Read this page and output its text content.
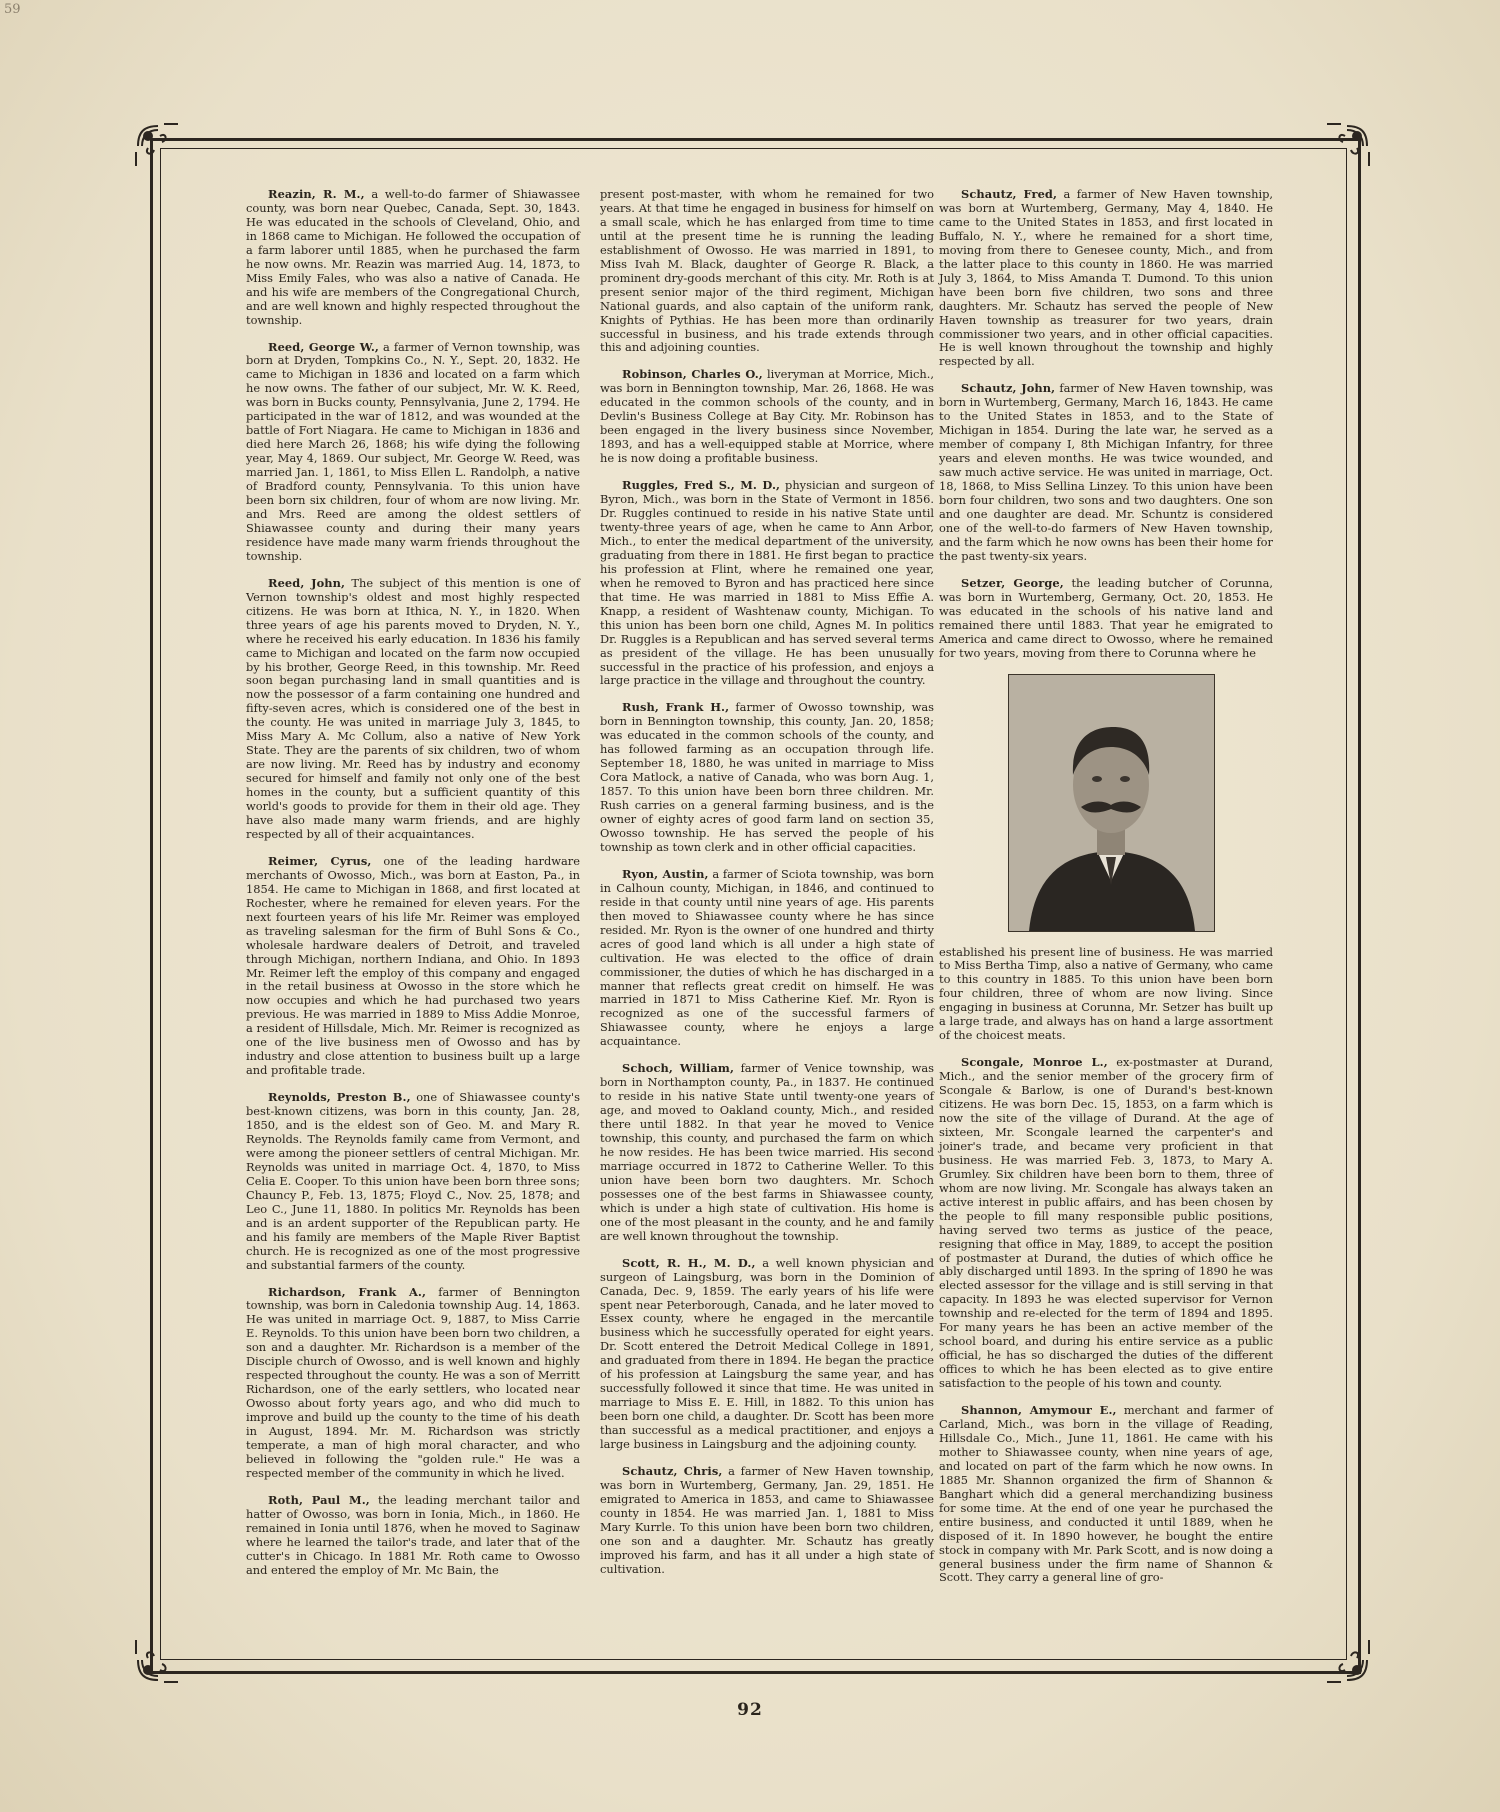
59

Reazin, R. M., a well-to-do farmer of Shiawassee county, was born near Quebec, Canada, Sept. 30, 1843. He was educated in the schools of Cleveland, Ohio, and in 1868 came to Michigan. He followed the occupation of a farm laborer until 1885, when he purchased the farm he now owns. Mr. Reazin was married Aug. 14, 1873, to Miss Emily Fales, who was also a native of Canada. He and his wife are members of the Congregational Church, and are well known and highly respected throughout the township.

Reed, George W., a farmer of Vernon township, was born at Dryden, Tompkins Co., N. Y., Sept. 20, 1832. He came to Michigan in 1836 and located on a farm which he now owns. The father of our subject, Mr. W. K. Reed, was born in Bucks county, Pennsylvania, June 2, 1794. He participated in the war of 1812, and was wounded at the battle of Fort Niagara. He came to Michigan in 1836 and died here March 26, 1868; his wife dying the following year, May 4, 1869. Our subject, Mr. George W. Reed, was married Jan. 1, 1861, to Miss Ellen L. Randolph, a native of Bradford county, Pennsylvania. To this union have been born six children, four of whom are now living. Mr. and Mrs. Reed are among the oldest settlers of Shiawassee county and during their many years residence have made many warm friends throughout the township.

Reed, John, The subject of this mention is one of Vernon township's oldest and most highly respected citizens. He was born at Ithica, N. Y., in 1820. When three years of age his parents moved to Dryden, N. Y., where he received his early education. In 1836 his family came to Michigan and located on the farm now occupied by his brother, George Reed, in this township. Mr. Reed soon began purchasing land in small quantities and is now the possessor of a farm containing one hundred and fifty-seven acres, which is considered one of the best in the county. He was united in marriage July 3, 1845, to Miss Mary A. Mc Collum, also a native of New York State. They are the parents of six children, two of whom are now living. Mr. Reed has by industry and economy secured for himself and family not only one of the best homes in the county, but a sufficient quantity of this world's goods to provide for them in their old age. They have also made many warm friends, and are highly respected by all of their acquaintances.

Reimer, Cyrus, one of the leading hardware merchants of Owosso, Mich., was born at Easton, Pa., in 1854. He came to Michigan in 1868, and first located at Rochester, where he remained for eleven years. For the next fourteen years of his life Mr. Reimer was employed as traveling salesman for the firm of Buhl Sons & Co., wholesale hardware dealers of Detroit, and traveled through Michigan, northern Indiana, and Ohio. In 1893 Mr. Reimer left the employ of this company and engaged in the retail business at Owosso in the store which he now occupies and which he had purchased two years previous. He was married in 1889 to Miss Addie Monroe, a resident of Hillsdale, Mich. Mr. Reimer is recognized as one of the live business men of Owosso and has by industry and close attention to business built up a large and profitable trade.

Reynolds, Preston B., one of Shiawassee county's best-known citizens, was born in this county, Jan. 28, 1850, and is the eldest son of Geo. M. and Mary R. Reynolds. The Reynolds family came from Vermont, and were among the pioneer settlers of central Michigan. Mr. Reynolds was united in marriage Oct. 4, 1870, to Miss Celia E. Cooper. To this union have been born three sons; Chauncy P., Feb. 13, 1875; Floyd C., Nov. 25, 1878; and Leo C., June 11, 1880. In politics Mr. Reynolds has been and is an ardent supporter of the Republican party. He and his family are members of the Maple River Baptist church. He is recognized as one of the most progressive and substantial farmers of the county.

Richardson, Frank A., farmer of Bennington township, was born in Caledonia township Aug. 14, 1863. He was united in marriage Oct. 9, 1887, to Miss Carrie E. Reynolds. To this union have been born two children, a son and a daughter. Mr. Richardson is a member of the Disciple church of Owosso, and is well known and highly respected throughout the county. He was a son of Merritt Richardson, one of the early settlers, who located near Owosso about forty years ago, and who did much to improve and build up the county to the time of his death in August, 1894. Mr. M. Richardson was strictly temperate, a man of high moral character, and who believed in following the "golden rule." He was a respected member of the community in which he lived.

Roth, Paul M., the leading merchant tailor and hatter of Owosso, was born in Ionia, Mich., in 1860. He remained in Ionia until 1876, when he moved to Saginaw where he learned the tailor's trade, and later that of the cutter's in Chicago. In 1881 Mr. Roth came to Owosso and entered the employ of Mr. Mc Bain, the

present post-master, with whom he remained for two years. At that time he engaged in business for himself on a small scale, which he has enlarged from time to time until at the present time he is running the leading establishment of Owosso. He was married in 1891, to Miss Ivah M. Black, daughter of George R. Black, a prominent dry-goods merchant of this city. Mr. Roth is at present senior major of the third regiment, Michigan National guards, and also captain of the uniform rank, Knights of Pythias. He has been more than ordinarily successful in business, and his trade extends through this and adjoining counties.

Robinson, Charles O., liveryman at Morrice, Mich., was born in Bennington township, Mar. 26, 1868. He was educated in the common schools of the county, and in Devlin's Business College at Bay City. Mr. Robinson has been engaged in the livery business since November, 1893, and has a well-equipped stable at Morrice, where he is now doing a profitable business.

Ruggles, Fred S., M. D., physician and surgeon of Byron, Mich., was born in the State of Vermont in 1856. Dr. Ruggles continued to reside in his native State until twenty-three years of age, when he came to Ann Arbor, Mich., to enter the medical department of the university, graduating from there in 1881. He first began to practice his profession at Flint, where he remained one year, when he removed to Byron and has practiced here since that time. He was married in 1881 to Miss Effie A. Knapp, a resident of Washtenaw county, Michigan. To this union has been born one child, Agnes M. In politics Dr. Ruggles is a Republican and has served several terms as president of the village. He has been unusually successful in the practice of his profession, and enjoys a large practice in the village and throughout the country.

Rush, Frank H., farmer of Owosso township, was born in Bennington township, this county, Jan. 20, 1858; was educated in the common schools of the county, and has followed farming as an occupation through life. September 18, 1880, he was united in marriage to Miss Cora Matlock, a native of Canada, who was born Aug. 1, 1857. To this union have been born three children. Mr. Rush carries on a general farming business, and is the owner of eighty acres of good farm land on section 35, Owosso township. He has served the people of his township as town clerk and in other official capacities.

Ryon, Austin, a farmer of Sciota township, was born in Calhoun county, Michigan, in 1846, and continued to reside in that county until nine years of age. His parents then moved to Shiawassee county where he has since resided. Mr. Ryon is the owner of one hundred and thirty acres of good land which is all under a high state of cultivation. He was elected to the office of drain commissioner, the duties of which he has discharged in a manner that reflects great credit on himself. He was married in 1871 to Miss Catherine Kief. Mr. Ryon is recognized as one of the successful farmers of Shiawassee county, where he enjoys a large acquaintance.

Schoch, William, farmer of Venice township, was born in Northampton county, Pa., in 1837. He continued to reside in his native State until twenty-one years of age, and moved to Oakland county, Mich., and resided there until 1882. In that year he moved to Venice township, this county, and purchased the farm on which he now resides. He has been twice married. His second marriage occurred in 1872 to Catherine Weller. To this union have been born two daughters. Mr. Schoch possesses one of the best farms in Shiawassee county, which is under a high state of cultivation. His home is one of the most pleasant in the county, and he and family are well known throughout the township.

Scott, R. H., M. D., a well known physician and surgeon of Laingsburg, was born in the Dominion of Canada, Dec. 9, 1859. The early years of his life were spent near Peterborough, Canada, and he later moved to Essex county, where he engaged in the mercantile business which he successfully operated for eight years. Dr. Scott entered the Detroit Medical College in 1891, and graduated from there in 1894. He began the practice of his profession at Laingsburg the same year, and has successfully followed it since that time. He was united in marriage to Miss E. E. Hill, in 1882. To this union has been born one child, a daughter. Dr. Scott has been more than successful as a medical practitioner, and enjoys a large business in Laingsburg and the adjoining county.

Schautz, Chris, a farmer of New Haven township, was born in Wurtemberg, Germany, Jan. 29, 1851. He emigrated to America in 1853, and came to Shiawassee county in 1854. He was married Jan. 1, 1881 to Miss Mary Kurrle. To this union have been born two children, one son and a daughter. Mr. Schautz has greatly improved his farm, and has it all under a high state of cultivation.

Schautz, Fred, a farmer of New Haven township, was born at Wurtemberg, Germany, May 4, 1840. He came to the United States in 1853, and first located in Buffalo, N. Y., where he remained for a short time, moving from there to Genesee county, Mich., and from the latter place to this county in 1860. He was married July 3, 1864, to Miss Amanda T. Dumond. To this union have been born five children, two sons and three daughters. Mr. Schautz has served the people of New Haven township as treasurer for two years, drain commissioner two years, and in other official capacities. He is well known throughout the township and highly respected by all.

Schautz, John, farmer of New Haven township, was born in Wurtemberg, Germany, March 16, 1843. He came to the United States in 1853, and to the State of Michigan in 1854. During the late war, he served as a member of company I, 8th Michigan Infantry, for three years and eleven months. He was twice wounded, and saw much active service. He was united in marriage, Oct. 18, 1868, to Miss Sellina Linzey. To this union have been born four children, two sons and two daughters. One son and one daughter are dead. Mr. Schuntz is considered one of the well-to-do farmers of New Haven township, and the farm which he now owns has been their home for the past twenty-six years.

Setzer, George, the leading butcher of Corunna, was born in Wurtemberg, Germany, Oct. 20, 1853. He was educated in the schools of his native land and remained there until 1883. That year he emigrated to America and came direct to Owosso, where he remained for two years, moving from there to Corunna where he

established his present line of business. He was married to Miss Bertha Timp, also a native of Germany, who came to this country in 1885. To this union have been born four children, three of whom are now living. Since engaging in business at Corunna, Mr. Setzer has built up a large trade, and always has on hand a large assortment of the choicest meats.

Scongale, Monroe L., ex-postmaster at Durand, Mich., and the senior member of the grocery firm of Scongale & Barlow, is one of Durand's best-known citizens. He was born Dec. 15, 1853, on a farm which is now the site of the village of Durand. At the age of sixteen, Mr. Scongale learned the carpenter's and joiner's trade, and became very proficient in that business. He was married Feb. 3, 1873, to Mary A. Grumley. Six children have been born to them, three of whom are now living. Mr. Scongale has always taken an active interest in public affairs, and has been chosen by the people to fill many responsible public positions, having served two terms as justice of the peace, resigning that office in May, 1889, to accept the position of postmaster at Durand, the duties of which office he ably discharged until 1893. In the spring of 1890 he was elected assessor for the village and is still serving in that capacity. In 1893 he was elected supervisor for Vernon township and re-elected for the term of 1894 and 1895. For many years he has been an active member of the school board, and during his entire service as a public official, he has so discharged the duties of the different offices to which he has been elected as to give entire satisfaction to the people of his town and county.

Shannon, Amymour E., merchant and farmer of Carland, Mich., was born in the village of Reading, Hillsdale Co., Mich., June 11, 1861. He came with his mother to Shiawassee county, when nine years of age, and located on part of the farm which he now owns. In 1885 Mr. Shannon organized the firm of Shannon & Banghart which did a general merchandizing business for some time. At the end of one year he purchased the entire business, and conducted it until 1889, when he disposed of it. In 1890 however, he bought the entire stock in company with Mr. Park Scott, and is now doing a general business under the firm name of Shannon & Scott. They carry a general line of gro-

92
